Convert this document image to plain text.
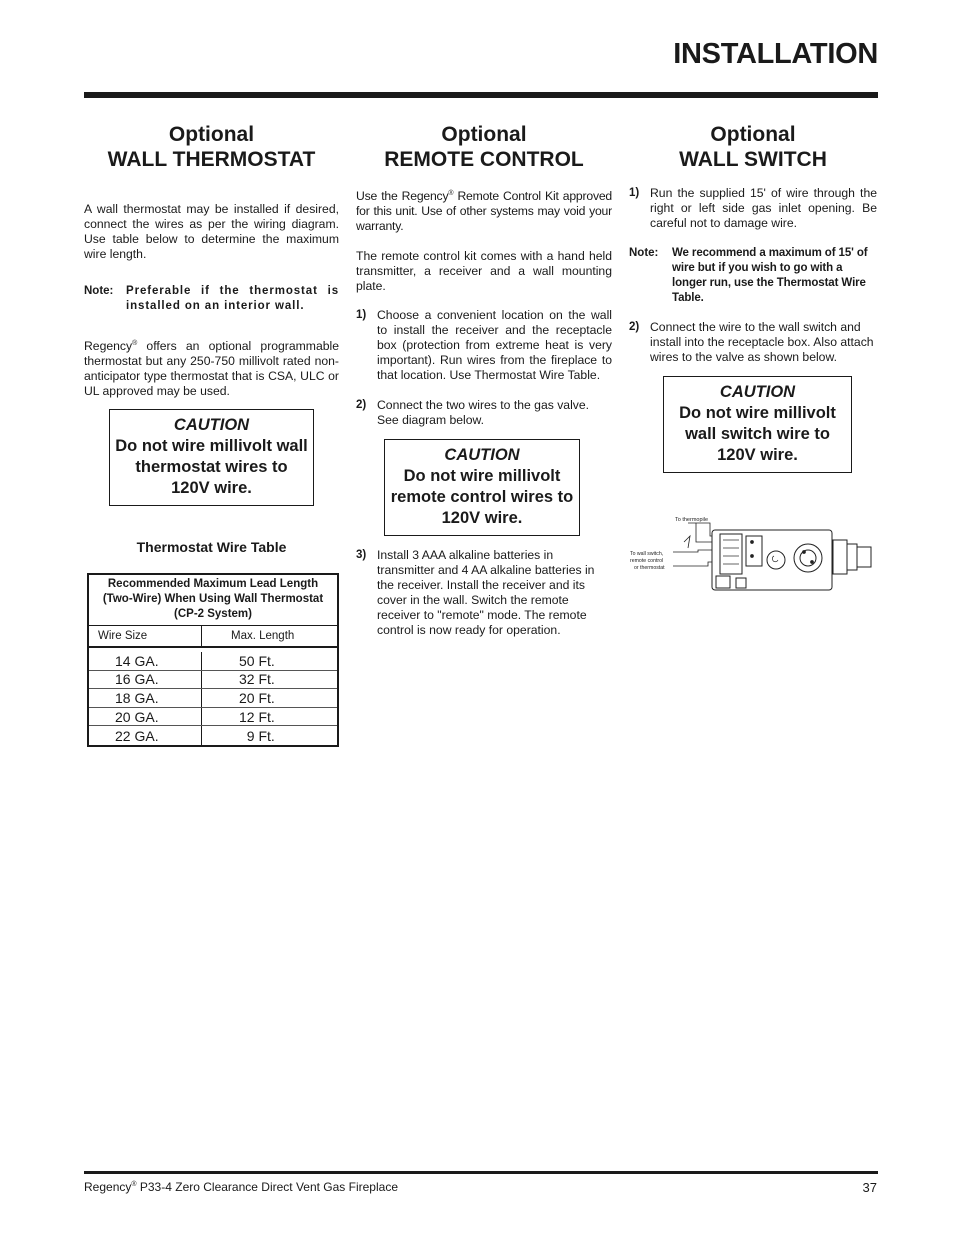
INSTALLATION
Optional
WALL THERMOSTAT

A wall thermostat may be installed if desired, connect the wires as per the wiring diagram. Use table below to determine the maximum wire length.

Note:	Preferable if the thermostat is installed on an interior wall.

Regency® offers an optional programmable thermostat but any 250-750 millivolt rated non-anticipator type thermostat that is CSA, ULC or UL approved may be used.

CAUTION
Do not wire millivolt wall thermostat wires to 120V wire.
Thermostat Wire Table
Recommended Maximum Lead Length (Two-Wire) When Using Wall Thermostat (CP-2 System)
Wire Size	Max. Length
14 GA.	50 Ft.
16 GA.	32 Ft.
18 GA.	20 Ft.
20 GA.	12 Ft.
22 GA.	9 Ft.
Optional
REMOTE CONTROL

Use the Regency® Remote Control Kit approved for this unit. Use of other systems may void your warranty.

The remote control kit comes with a hand held transmitter, a receiver and a wall mounting plate.

1) Choose a convenient location on the wall to install the receiver and the receptacle box (protection from extreme heat is very important). Run wires from the fireplace to that location. Use Thermostat Wire Table.
2) Connect the two wires to the gas valve. See diagram below.
CAUTION
Do not wire millivolt remote control wires to 120V wire.
3) Install 3 AAA alkaline batteries in transmitter and 4 AA alkaline batteries in the receiver. Install the receiver and its cover in the wall. Switch the remote receiver to "remote" mode. The remote control is now ready for operation.
Optional
WALL SWITCH
1) Run the supplied 15' of wire through the right or left side gas inlet opening. Be careful not to damage wire.
Note:	We recommend a maximum of 15' of wire but if you wish to go with a longer run, use the Thermostat Wire Table.
2) Connect the wire to the wall switch and install into the receptacle box. Also attach wires to the valve as shown below.
CAUTION
Do not wire millivolt wall switch wire to 120V wire.
To thermopile
To wall switch,
remote control
or thermostat
Regency® P33-4 Zero Clearance Direct Vent Gas Fireplace	37
